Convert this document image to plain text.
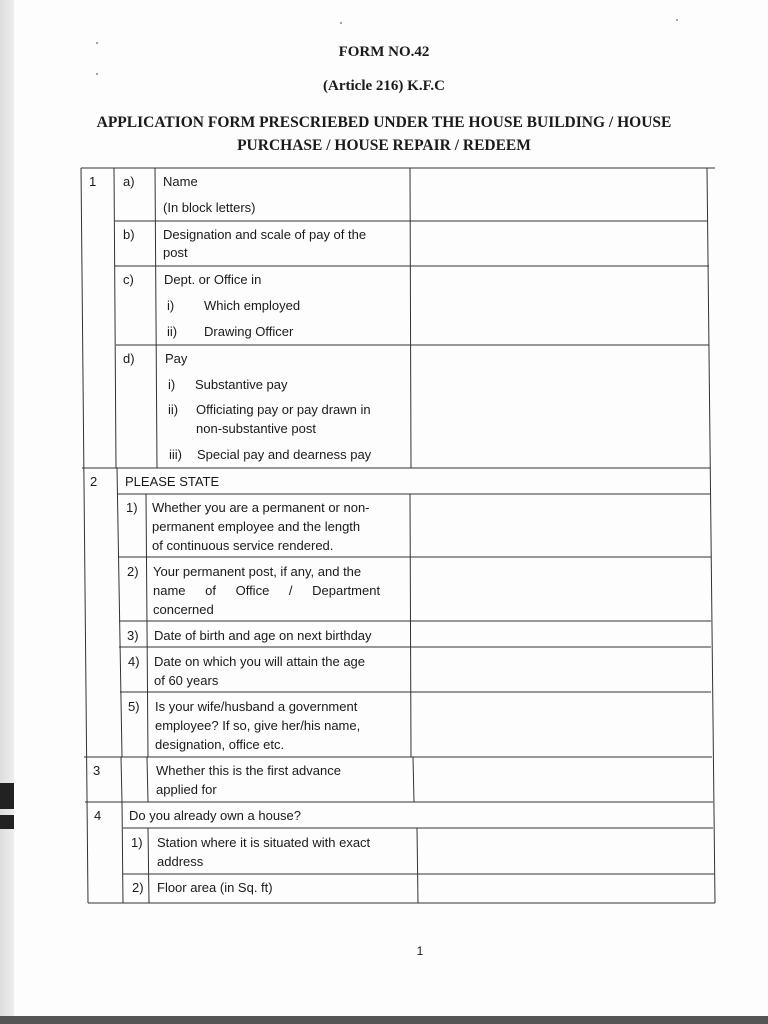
FORM NO.42
(Article 216) K.F.C
APPLICATION FORM PRESCRIEBED UNDER THE HOUSE BUILDING / HOUSE
PURCHASE / HOUSE REPAIR / REDEEM
1 a) Name
(In block letters)
b) Designation and scale of pay of the
post
c) Dept. or Office in
i) Which employed
ii) Drawing Officer
d) Pay
i) Substantive pay
ii) Officiating pay or pay drawn in
non-substantive post
iii) Special pay and dearness pay
2 PLEASE STATE
1) Whether you are a permanent or non-
permanent employee and the length
of continuous service rendered.
2) Your permanent post, if any, and the
name of Office / Department
concerned
3) Date of birth and age on next birthday
4) Date on which you will attain the age
of 60 years
5) Is your wife/husband a government
employee? If so, give her/his name,
designation, office etc.
3	Whether this is the first advance
applied for
4 Do you already own a house?
1) Station where it is situated with exact
address
2) Floor area (in Sq. ft)
1
